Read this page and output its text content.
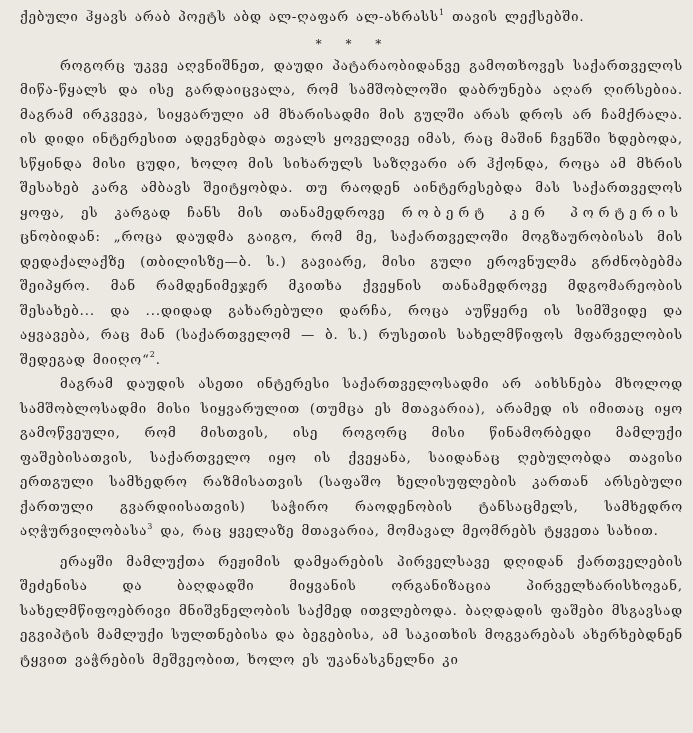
ქებული ჰყავს არაბ პოეტს აბდ ალ-ღაფარ ალ-ახრასს$^1$ თავის ლექსებში.

* * *

როგორც უკვე აღვნიშნეთ, დაუდი პატარაობიდანვე გამოთხოვეს საქართველოს მიწა-წყალს და ისე გარდაიცვალა, რომ სამშობლოში დაბრუნება აღარ ღირსებია. მაგრამ ირკვევა, სიყვარული ამ მხარისადმი მის გულში არას დროს არ ჩამქრალა. ის დიდი ინტერესით ადევნებდა თვალს ყოველივე იმას, რაც მაშინ ჩვენში ხდებოდა, სწყინდა მისი ცუდი, ხოლო მის სიხარულს საზღვარი არ ჰქონდა, როცა ამ მხრის შესახებ კარგ ამბავს შეიტყობდა. თუ რაოდენ აინტერესებდა მას საქართველოს ყოფა, ეს კარგად ჩანს მის თანამედროვე რობერტ კერ პორტერის ცნობიდან: „როცა დაუდმა გაიგო, რომ მე, საქართველოში მოგზაურობისას მის დედაქალაქზე (თბილისზე—ბ. ს.) გავიარე, მისი გული ეროვნულმა გრძნობებმა შეიპყრო. მან რამდენიმეჯერ მკითხა ქვეყნის თანამედროვე მდგომარეობის შესახებ... და ...დიდად გახარებული დარჩა, როცა აუწყერე ის სიმშვიდე და აყვავება, რაც მან (საქართველომ — ბ. ს.) რუსეთის სახელმწიფოს მფარველობის შედეგად მიიღო“$^2$.

მაგრამ დაუდის ასეთი ინტერესი საქართველოსადმი არ აიხსნება მხოლოდ სამშობლოსადმი მისი სიყვარულით (თუმცა ეს მთავარია), არამედ ის იმითაც იყო გამოწვეული, რომ მისთვის, ისე როგორც მისი წინამორბედი მამლუქი ფაშებისათვის, საქართველო იყო ის ქვეყანა, საიდანაც ღებულობდა თავისი ერთგული სამხედრო რაზმისათვის (საფაშო ხელისუფლების კართან არსებული ქართული გვარდიისათვის) საჭირო რაოდენობის ტანსაცმელს, სამხედრო აღჭურვილობასა$^3$ და, რაც ყველაზე მთავარია, მომავალ მეომრებს ტყვეთა სახით.

ერაყში მამლუქთა რეჟიმის დამყარების პირველსავე დღიდან ქართველების შეძენისა და ბაღდადში მიყვანის ორგანიზაცია პირველხარისხოვან, სახელმწიფოებრივი მნიშვნელობის საქმედ ითვლებოდა. ბაღდადის ფაშები მსგავსად ეგვიპტის მამლუქი სულთნებისა და ბეგებისა, ამ საკითხის მოგვარებას ახერხებდნენ ტყვით ვაჭრების მეშვეობით, ხოლო ეს უკანასკნელნი კი
